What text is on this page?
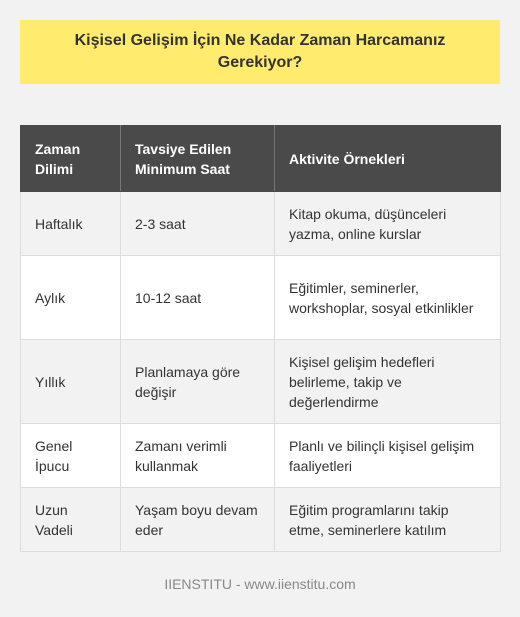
Kişisel Gelişim İçin Ne Kadar Zaman Harcamanız Gerekiyor?
Zaman Dilimi	Tavsiye Edilen Minimum Saat	Aktivite Örnekleri
Haftalık	2-3 saat	Kitap okuma, düşünceleri yazma, online kurslar
Aylık	10-12 saat	Eğitimler, seminerler, workshoplar, sosyal etkinlikler
Yıllık	Planlamaya göre değişir	Kişisel gelişim hedefleri belirleme, takip ve değerlendirme
Genel İpucu	Zamanı verimli kullanmak	Planlı ve bilinçli kişisel gelişim faaliyetleri
Uzun Vadeli	Yaşam boyu devam eder	Eğitim programlarını takip etme, seminerlere katılım
IIENSTITU - www.iienstitu.com
